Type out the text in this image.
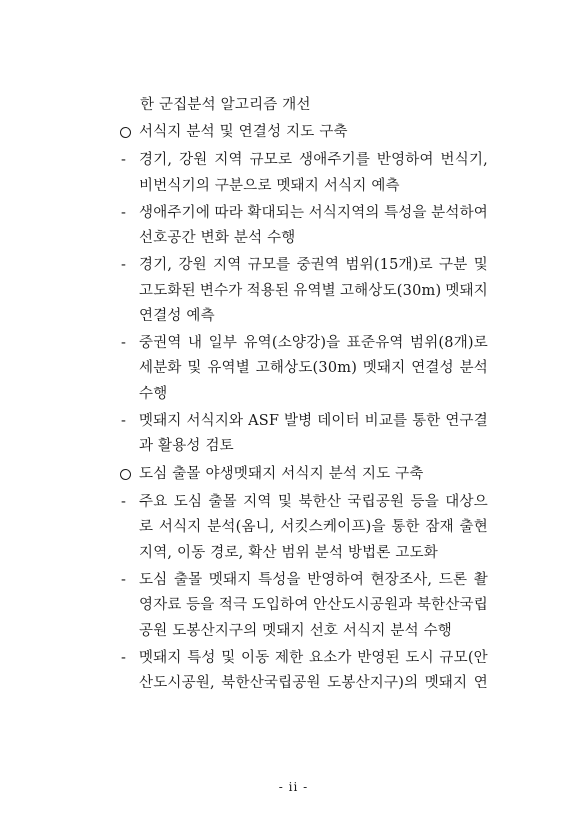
한 군집분석 알고리즘 개선
서식지 분석 및 연결성 지도 구축
- 경기, 강원 지역 규모로 생애주기를 반영하여 번식기,
비번식기의 구분으로 멧돼지 서식지 예측
- 생애주기에 따라 확대되는 서식지역의 특성을 분석하여
선호공간 변화 분석 수행
- 경기, 강원 지역 규모를 중권역 범위(15개)로 구분 및
고도화된 변수가 적용된 유역별 고해상도(30m) 멧돼지
연결성 예측
- 중권역 내 일부 유역(소양강)을 표준유역 범위(8개)로
세분화 및 유역별 고해상도(30m) 멧돼지 연결성 분석
수행
- 멧돼지 서식지와 ASF 발병 데이터 비교를 통한 연구결
과 활용성 검토
도심 출몰 야생멧돼지 서식지 분석 지도 구축
- 주요 도심 출몰 지역 및 북한산 국립공원 등을 대상으
로 서식지 분석(옴니, 서킷스케이프)을 통한 잠재 출현
지역, 이동 경로, 확산 범위 분석 방법론 고도화
- 도심 출몰 멧돼지 특성을 반영하여 현장조사, 드론 촬
영자료 등을 적극 도입하여 안산도시공원과 북한산국립
공원 도봉산지구의 멧돼지 선호 서식지 분석 수행
- 멧돼지 특성 및 이동 제한 요소가 반영된 도시 규모(안
산도시공원, 북한산국립공원 도봉산지구)의 멧돼지 연
- ii -
